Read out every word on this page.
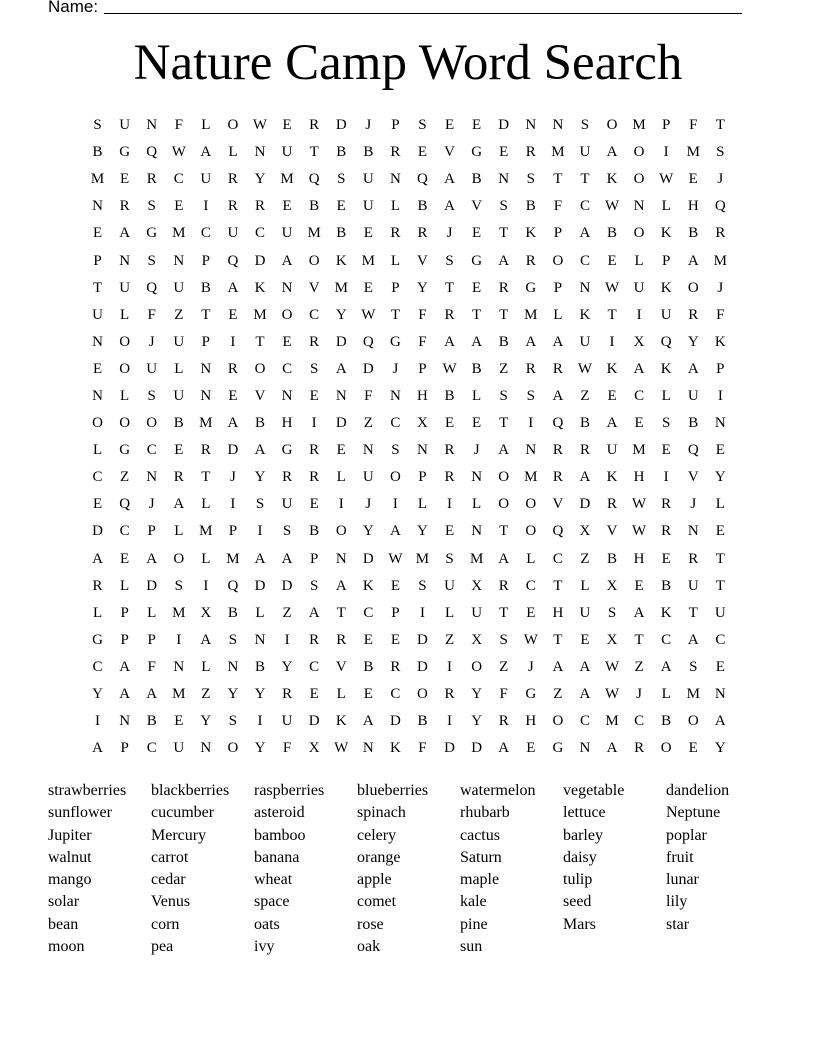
Name:
Nature Camp Word Search
S	U	N	F	L	O W	E	R	D	J	P	S	E	E	D	N	N	S	O M	P	F	T
B	G	Q W A	L	N	U	T	B	B	R	E	V	G	E	R	M U	A	O	I	M	S
M	E	R	C	U	R	Y M Q	S	U	N	Q	A	B	N	S	T	T	K	O W	E	J
N	R	S	E	I	R	R	E	B	E	U	L	B	A	V	S	B	F	C W N	L	H	Q
E	A	G M	C	U	C	U M	B	E	R	R	J	E	T	K	P	A	B	O	K	B	R
P	N	S	N	P	Q	D	A	O	K M	L	V	S	G	A	R	O	C	E	L	P	A M
T	U	Q	U	B	A	K	N	V M	E	P	Y	T	E	R	G	P	N W U	K	O	J
U	L	F	Z	T	E	M O	C	Y W	T	F	R	T	T	M	L	K	T	I	U	R	F
N	O	J	U	P	I	T	E	R	D	Q	G	F	A	A	B	A	A	U	I	X	Q	Y	K
E	O	U	L	N	R	O	C	S	A	D	J	P	W B	Z	R	R W K	A	K	A	P
N	L	S	U	N	E	V	N	E	N	F	N	H	B	L	S	S	A	Z	E	C	L	U	I
O	O	O	B	M A	B	H	I	D	Z	C	X	E	E	T	I	Q	B	A	E	S	B	N
L	G	C	E	R	D	A	G	R	E	N	S	N	R	J	A	N	R	R	U M	E	Q	E
C	Z	N	R	T	J	Y	R	R	L	U	O	P	R	N	O M	R	A	K	H	I	V	Y
E	Q	J	A	L	I	S	U	E	I	J	I	L	I	L	O	O	V	D	R W R	J	L
D	C	P	L	M	P	I	S	B	O	Y	A	Y	E	N	T	O	Q	X	V W R	N	E
A	E	A	O	L	M A	A	P	N	D W M	S	M A	L	C	Z	B	H	E	R	T
R	L	D	S	I	Q	D	D	S	A	K	E	S	U	X	R	C	T	L	X	E	B	U	T
L	P	L	M X	B	L	Z	A	T	C	P	I	L	U	T	E	H	U	S	A	K	T	U
G	P	P	I	A	S	N	I	R	R	E	E	D	Z	X	S	W	T	E	X	T	C	A	C
C	A	F	N	L	N	B	Y	C	V	B	R	D	I	O	Z	J	A	A W	Z	A	S	E
Y	A	A M	Z	Y	Y	R	E	L	E	C	O	R	Y	F	G	Z	A W	J	L	M N
I	N	B	E	Y	S	I	U	D	K	A	D	B	I	Y	R	H	O	C	M	C	B	O	A
A	P	C	U	N	O	Y	F	X W N	K	F	D	D	A	E	G	N	A	R	O	E	Y
strawberries	blackberries	raspberries	blueberries	watermelon	vegetable	dandelion
sunflower	cucumber	asteroid	spinach	rhubarb	lettuce	Neptune
Jupiter	Mercury	bamboo	celery	cactus	barley	poplar
walnut	carrot	banana	orange	Saturn	daisy	fruit
mango	cedar	wheat	apple	maple	tulip	lunar
solar	Venus	space	comet	kale	seed	lily
bean	corn	oats	rose	pine	Mars	star
moon	pea	ivy	oak	sun
